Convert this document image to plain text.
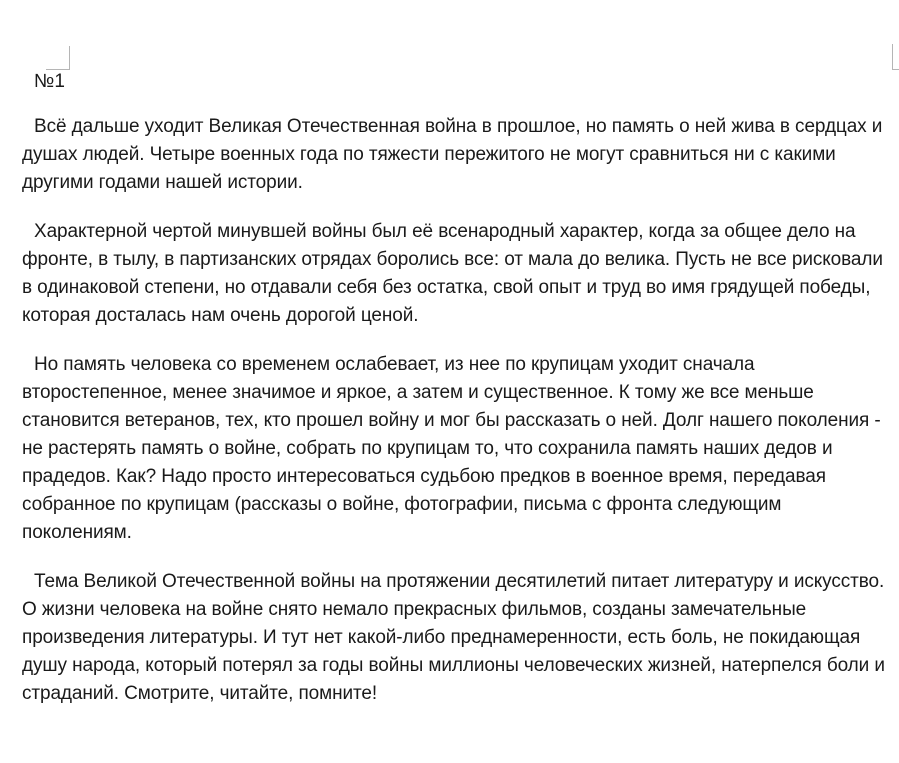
№1

Всё дальше уходит Великая Отечественная война в прошлое, но память о ней жива в сердцах и душах людей. Четыре военных года по тяжести пережитого не могут сравниться ни с какими другими годами нашей истории.

Характерной чертой минувшей войны был её всенародный характер, когда за общее дело на фронте, в тылу, в партизанских отрядах боролись все: от мала до велика. Пусть не все рисковали в одинаковой степени, но отдавали себя без остатка, свой опыт и труд во имя грядущей победы, которая досталась нам очень дорогой ценой.

Но память человека со временем ослабевает, из нее по крупицам уходит сначала второстепенное, менее значимое и яркое, а затем и существенное. К тому же все меньше становится ветеранов, тех, кто прошел войну и мог бы рассказать о ней. Долг нашего поколения - не растерять память о войне, собрать по крупицам то, что сохранила память наших дедов и прадедов. Как? Надо просто интересоваться судьбою предков в военное время, передавая собранное по крупицам (рассказы о войне, фотографии, письма с фронта следующим поколениям.

Тема Великой Отечественной войны на протяжении десятилетий питает литературу и искусство. О жизни человека на войне снято немало прекрасных фильмов, созданы замечательные произведения литературы. И тут нет какой-либо преднамеренности, есть боль, не покидающая душу народа, который потерял за годы войны миллионы человеческих жизней, натерпелся боли и страданий. Смотрите, читайте, помните!
